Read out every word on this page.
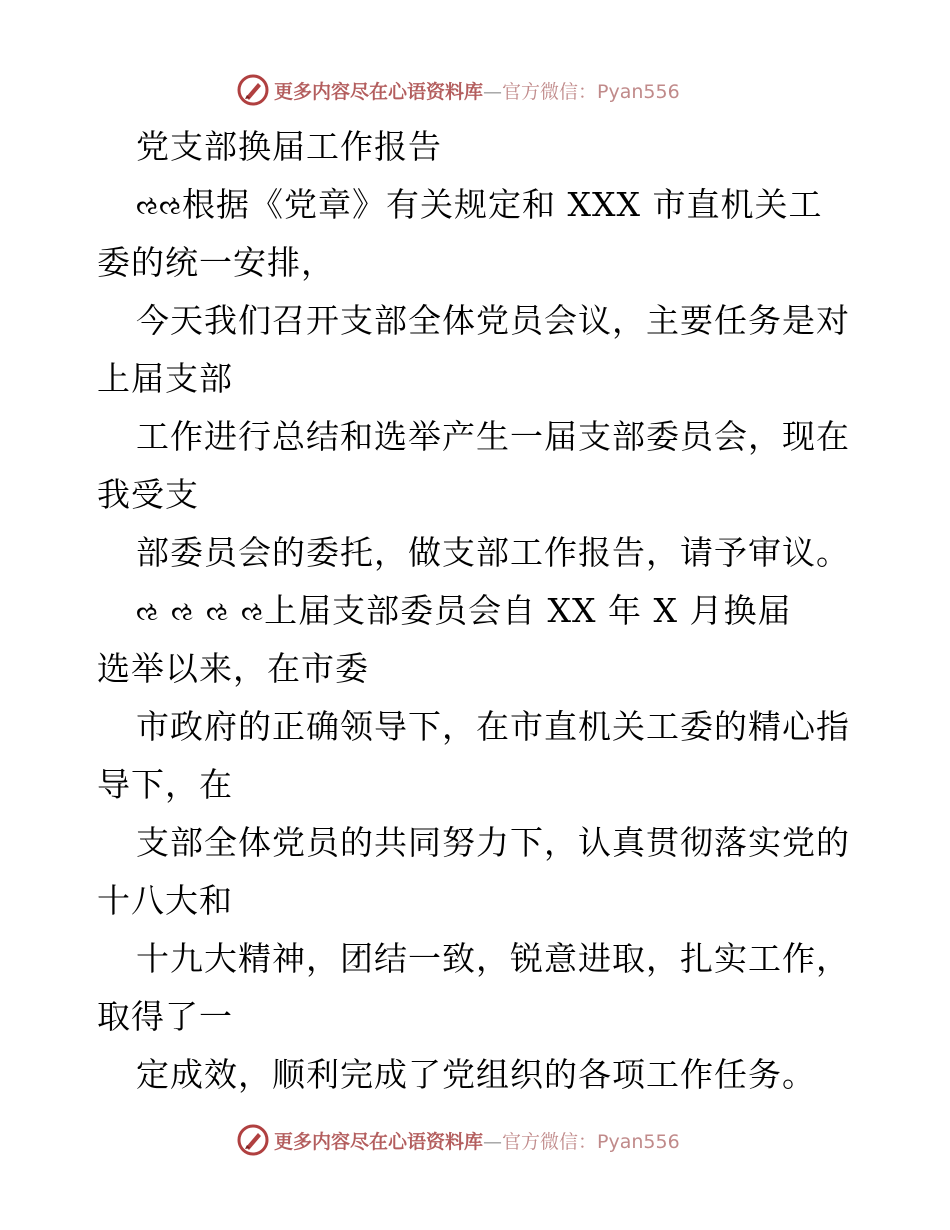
更多内容尽在心语资料库—官方微信：Pyan556
党支部换届工作报告
ઌઌ根据《党章》有关规定和 XXX 市直机关工
委的统一安排，
今天我们召开支部全体党员会议，主要任务是对
上届支部
工作进行总结和选举产生一届支部委员会，现在
我受支
部委员会的委托，做支部工作报告，请予审议。
ઌ ઌ ઌ ઌ上届支部委员会自 XX 年 X 月换届
选举以来，在市委
市政府的正确领导下，在市直机关工委的精心指
导下，在
支部全体党员的共同努力下，认真贯彻落实党的
十八大和
十九大精神，团结一致，锐意进取，扎实工作，
取得了一
定成效，顺利完成了党组织的各项工作任务。
更多内容尽在心语资料库—官方微信：Pyan556
